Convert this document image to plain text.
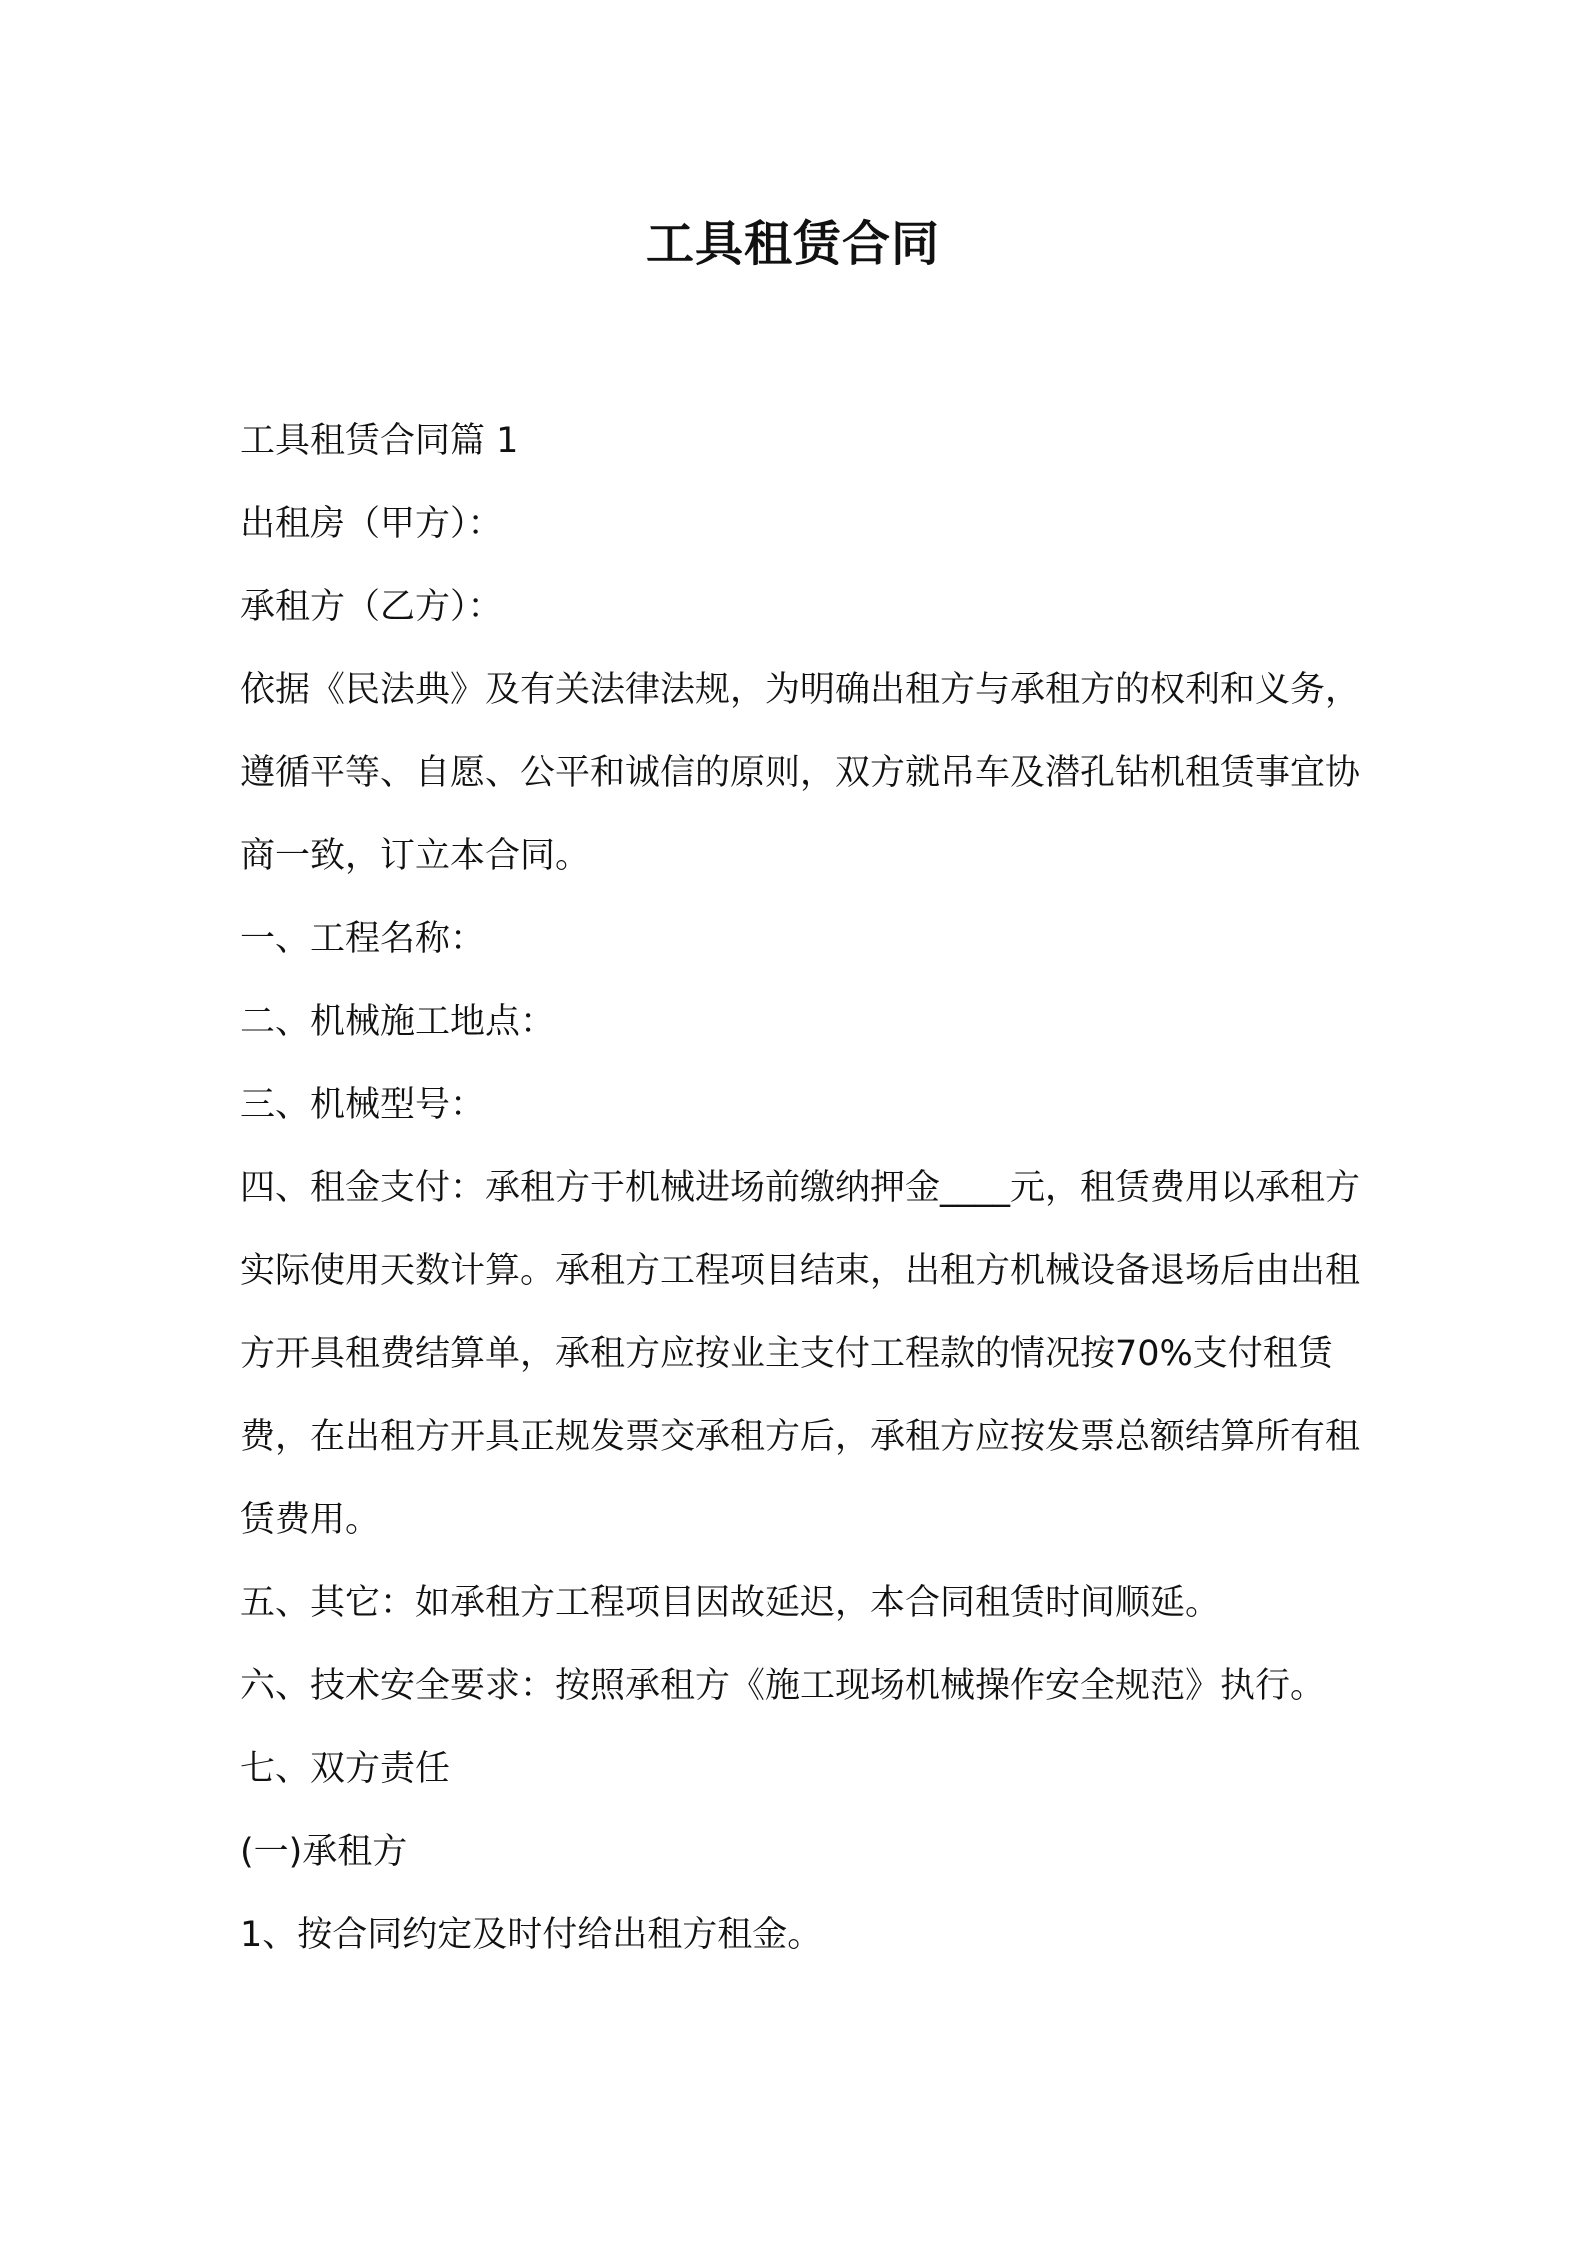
工具租赁合同

工具租赁合同篇 1

出租房（甲方）：

承租方（乙方）：

依据《民法典》及有关法律法规，为明确出租方与承租方的权利和义务，遵循平等、自愿、公平和诚信的原则，双方就吊车及潜孔钻机租赁事宜协商一致，订立本合同。

一、工程名称：

二、机械施工地点：

三、机械型号：

四、租金支付：承租方于机械进场前缴纳押金____元，租赁费用以承租方实际使用天数计算。承租方工程项目结束，出租方机械设备退场后由出租方开具租费结算单，承租方应按业主支付工程款的情况按70%支付租赁费，在出租方开具正规发票交承租方后，承租方应按发票总额结算所有租赁费用。

五、其它：如承租方工程项目因故延迟，本合同租赁时间顺延。

六、技术安全要求：按照承租方《施工现场机械操作安全规范》执行。

七、双方责任

(一)承租方

1、按合同约定及时付给出租方租金。
